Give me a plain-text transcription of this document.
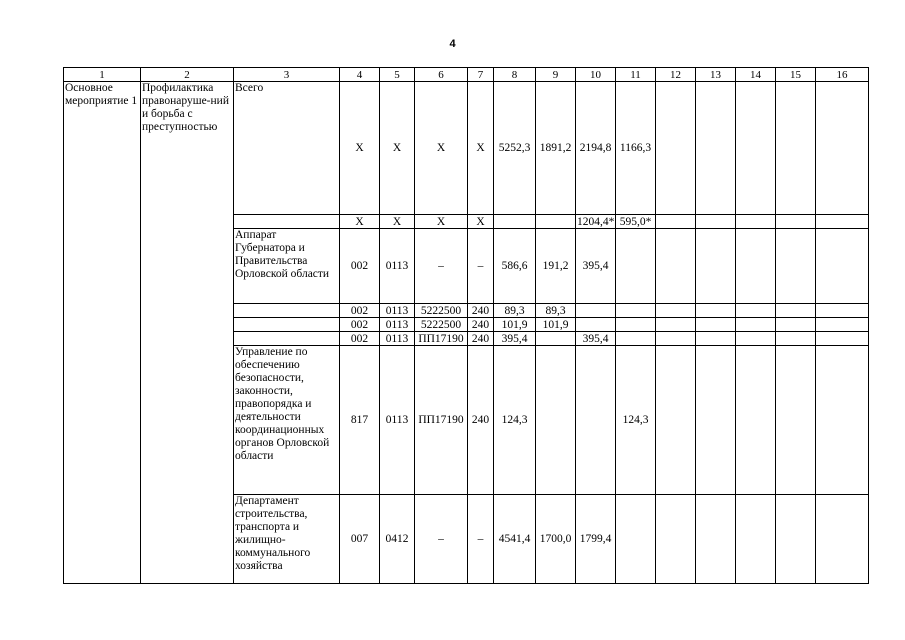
4
1	2	3	4	5	6	7	8	9	10	11	12	13	14	15	16
Основное мероприятие 1	Профилактика правонаруше-ний и борьба с преступностью	Всего	Х	Х	Х	Х	5252,3	1891,2	2194,8	1166,3					
			Х	Х	Х	Х			1204,4*	595,0*					
		Аппарат Губернатора и Правительства Орловской области	002	0113	–	–	586,6	191,2	395,4						
			002	0113	5222500	240	89,3	89,3							
			002	0113	5222500	240	101,9	101,9							
			002	0113	ПП17190	240	395,4		395,4						
		Управление по обеспечению безопасности, законности, правопорядка и деятельности координационных органов Орловской области	817	0113	ПП17190	240	124,3			124,3					
		Департамент строительства, транспорта и жилищно-коммунального хозяйства	007	0412	–	–	4541,4	1700,0	1799,4						
